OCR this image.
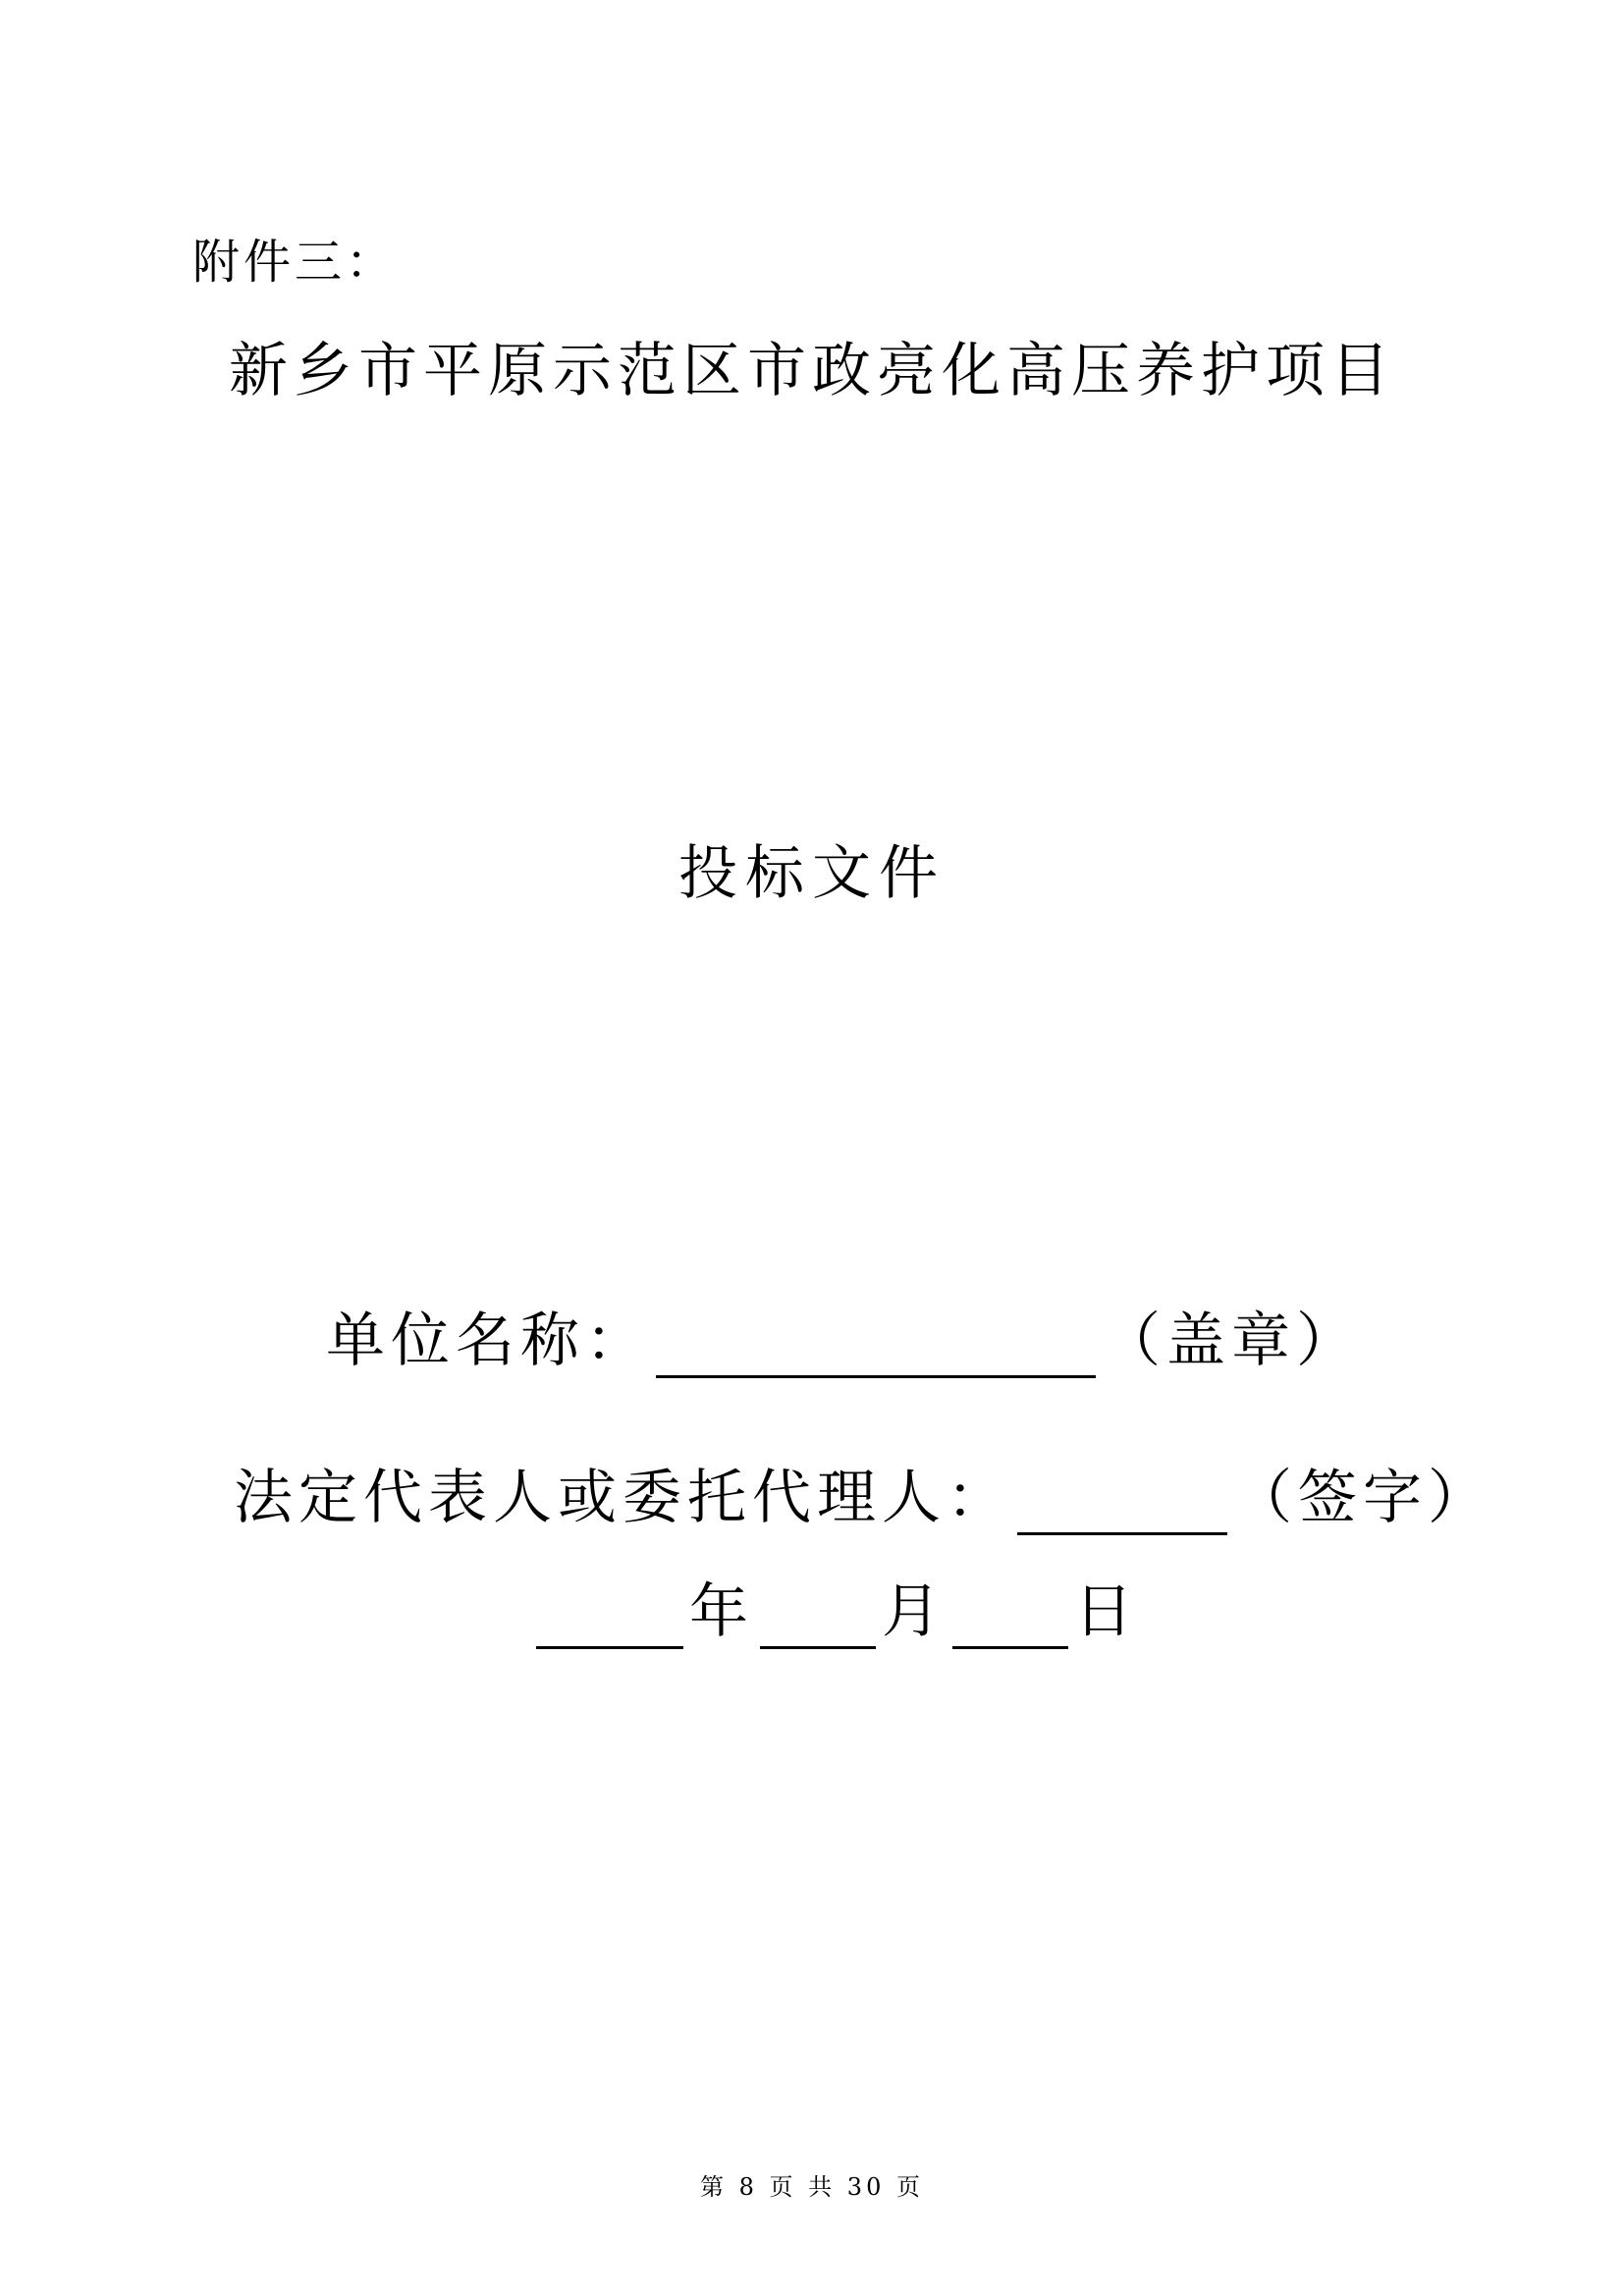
附件三：
新乡市平原示范区市政亮化高压养护项目
投标文件
单位名称：	（盖章）
法定代表人或委托代理人：	（签字）
年 月 日
第 8 页 共 30 页
